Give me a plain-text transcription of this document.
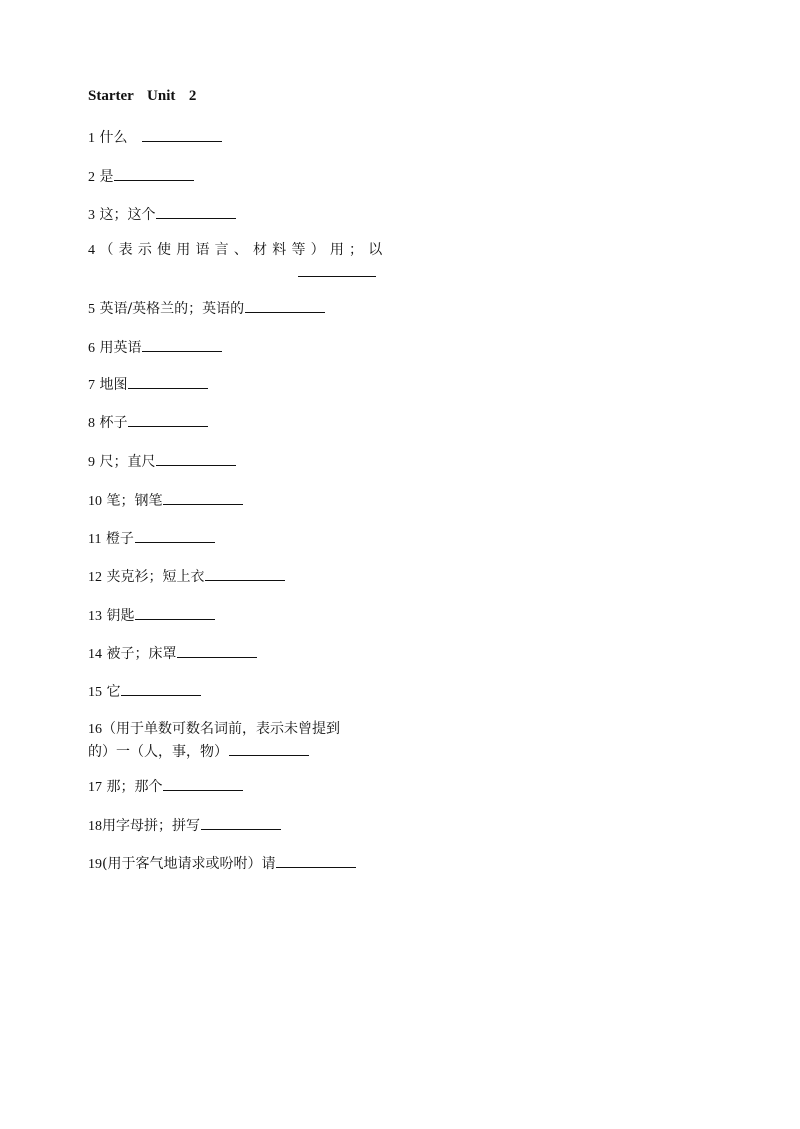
Starter  Unit  2
1 什么
2 是
3 这；这个
4 （表示使用语言、材料等）用；以
5 英语/英格兰的；英语的
6 用英语
7 地图
8 杯子
9 尺；直尺
10 笔；钢笔
11 橙子
12 夹克衫；短上衣
13 钥匙
14 被子；床罩
15 它
16（用于单数可数名词前，表示未曾提到
的）一（人，事，物）
17 那；那个
18用字母拼；拼写
19(用于客气地请求或吩咐）请
